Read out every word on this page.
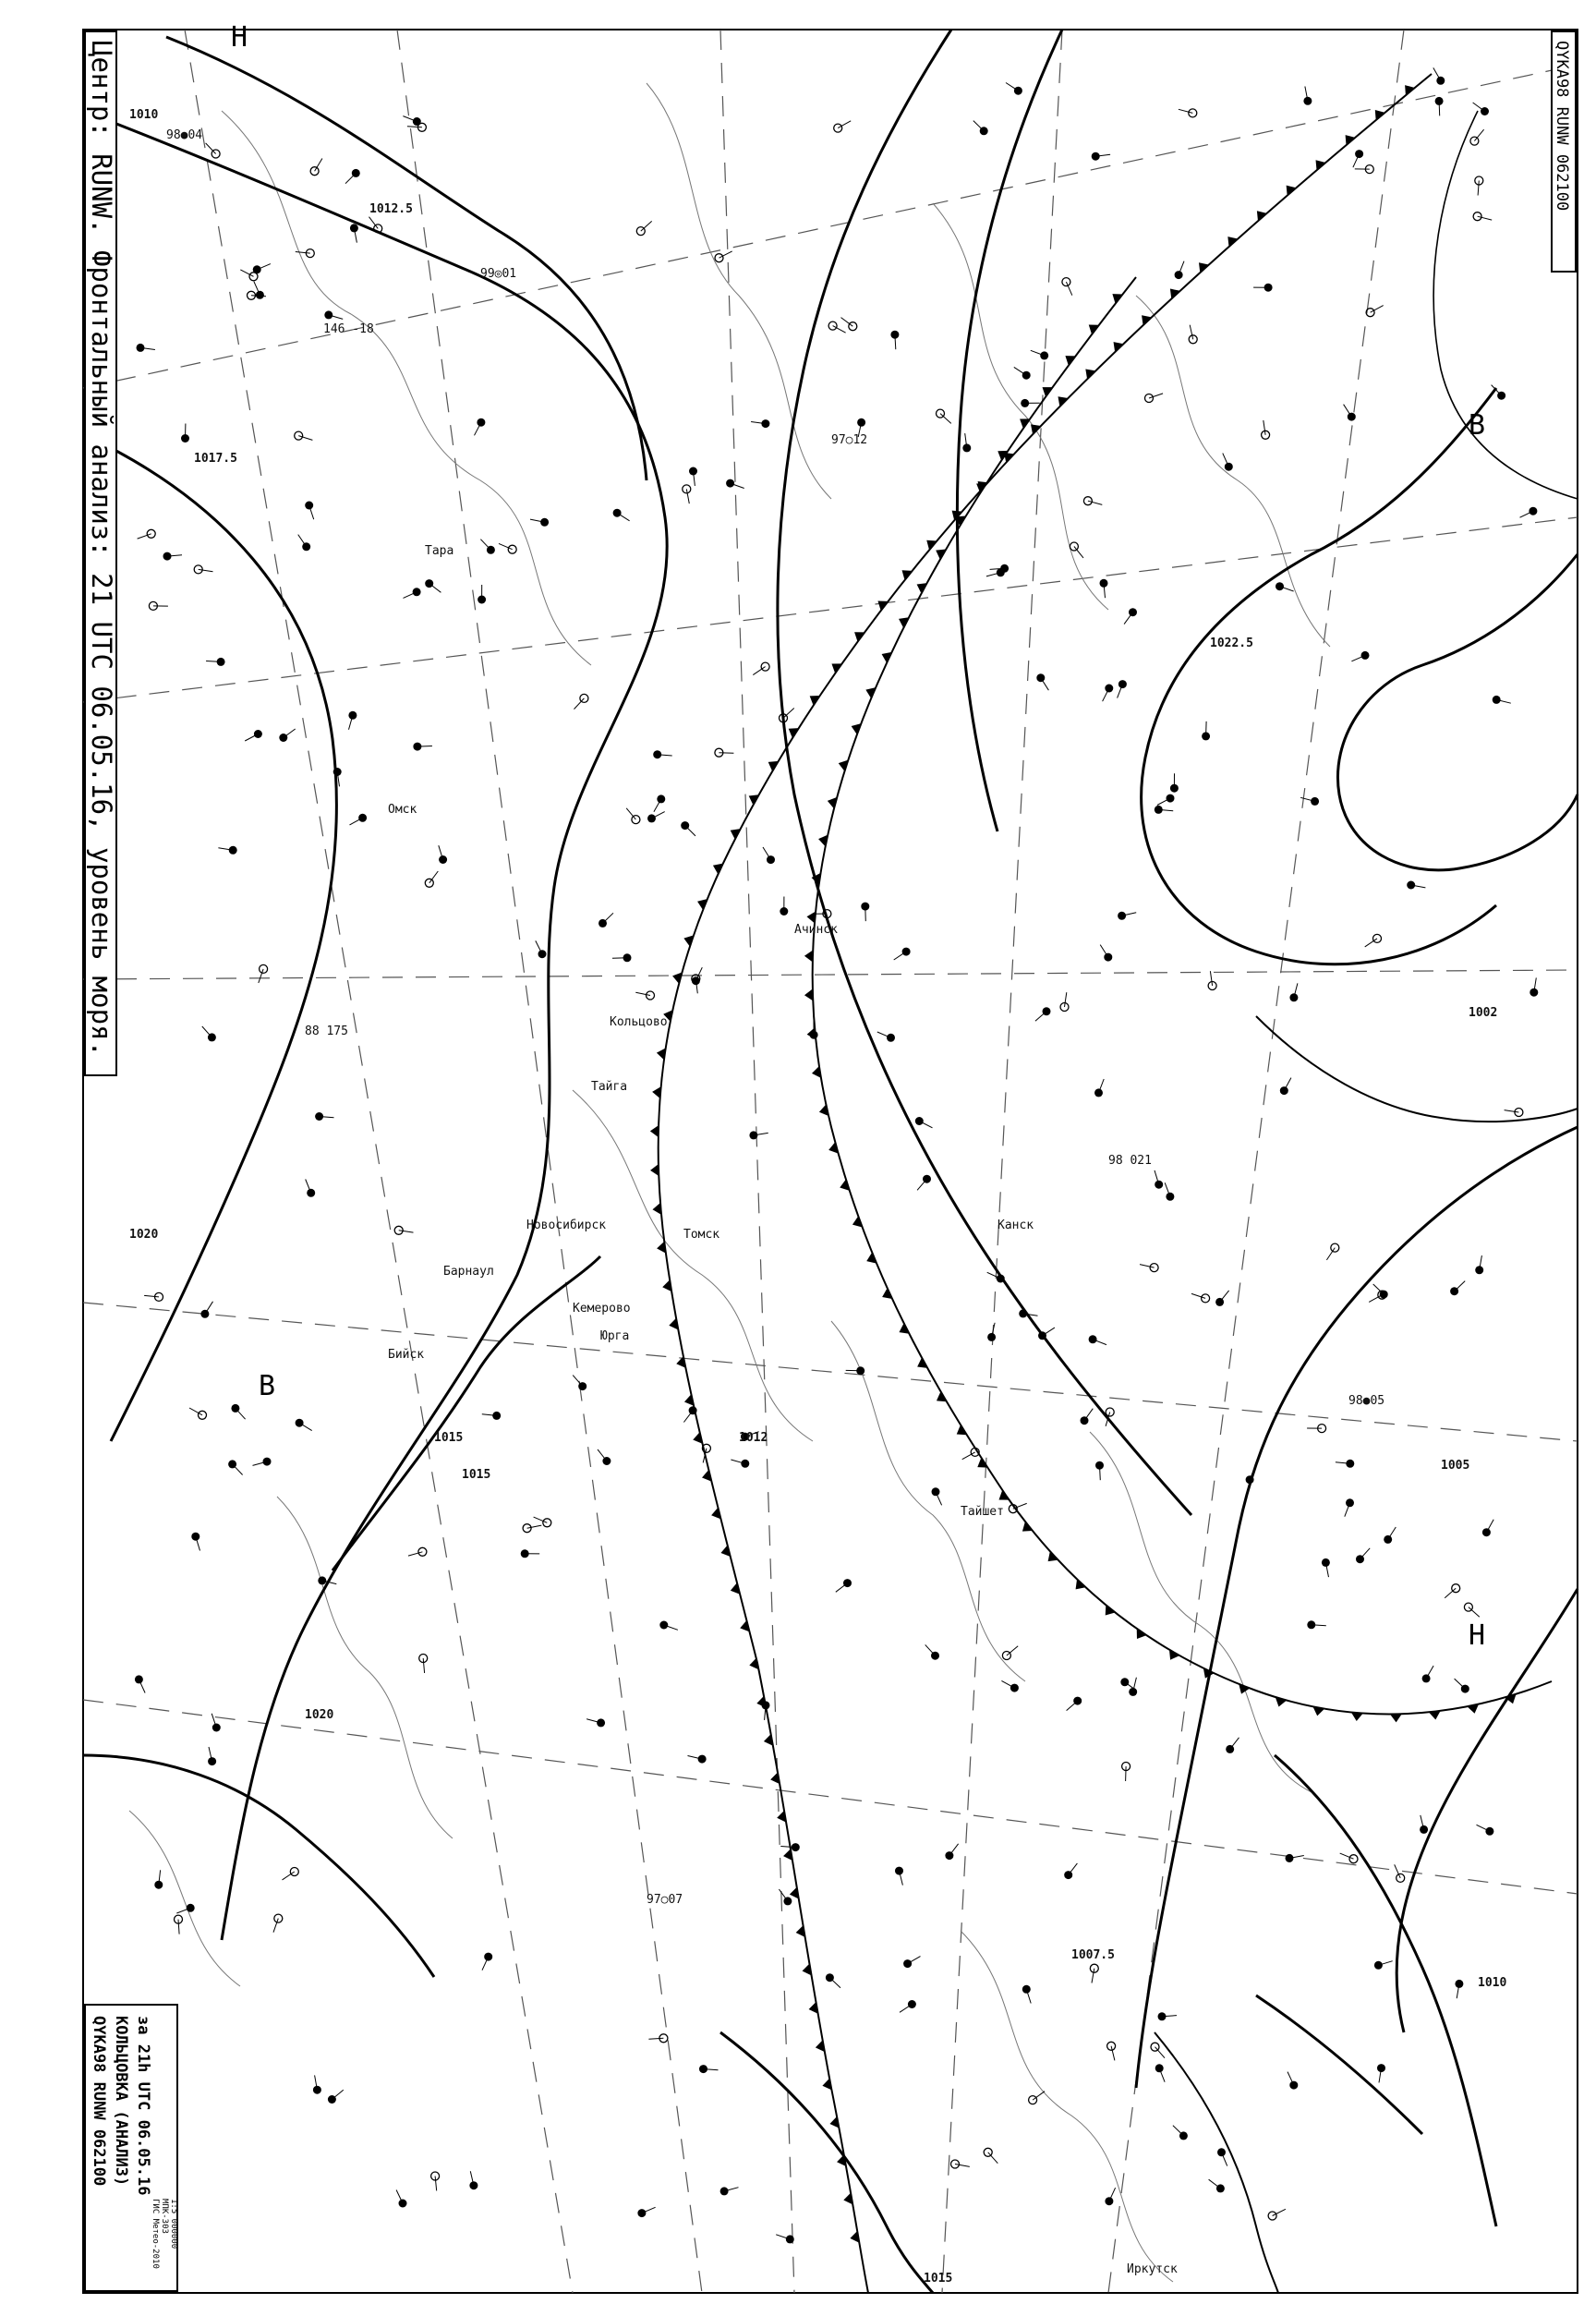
1010
1012.5
1017.5
1020
1022.5
1015	1012
1007.5
1005
1002
1015
1010
1020
1015
Н
В
В
Н
Тайшет
Иркутск
Тайга
Кольцово
Канск
Ачинск
Томск
Барнаул
Новосибирск
Кемерово
Омск
Тара
Юрга
Бийск
98●04
99◎01
97○12
88 175
98 021
146 -18
98●05
97○07
Центр: RUNW. Фронтальный анализ: 21 UTC 06.05.16, уровень моря.	QYKA98 RUNW 062100
QYKA98 RUNW 062100 КОЛЬЦОВКА (АНАЛИЗ) за 21h UTC 06.05.16
ГИС Метео-2010 МПК-303 1:5 000000
